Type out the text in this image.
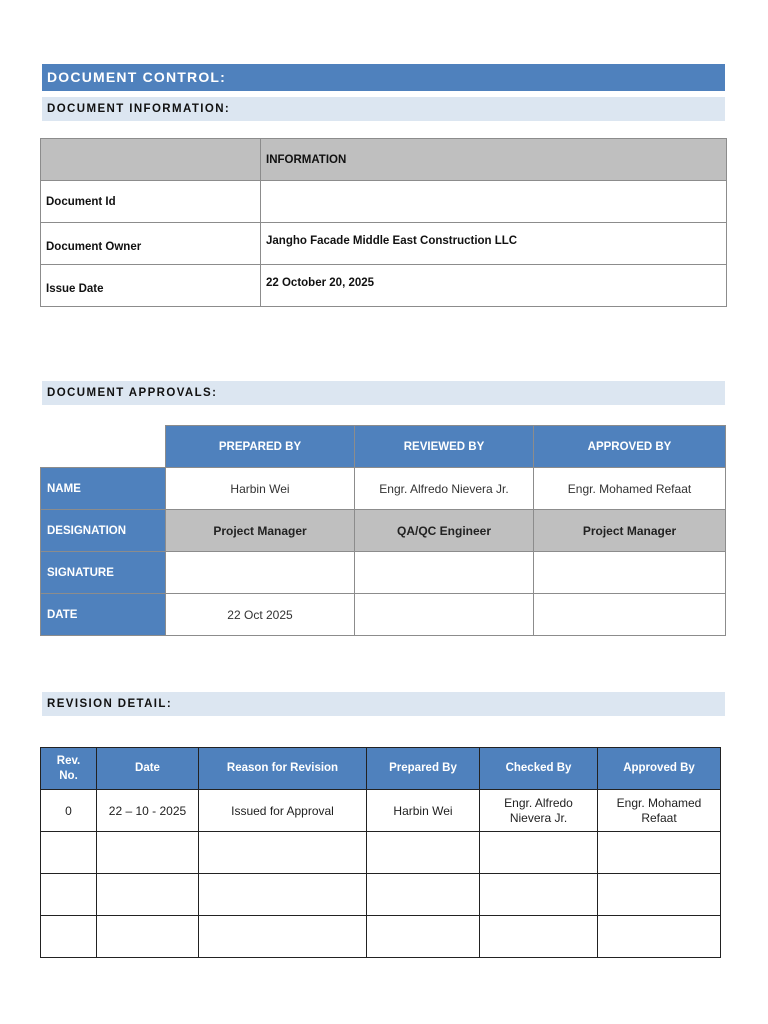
DOCUMENT CONTROL:
DOCUMENT INFORMATION:
	INFORMATION
Document Id	
Document Owner	Jangho Facade Middle East Construction LLC
Issue Date	22 October 20, 2025
DOCUMENT APPROVALS:
	PREPARED BY	REVIEWED BY	APPROVED BY
NAME	Harbin Wei	Engr. Alfredo Nievera Jr.	Engr. Mohamed Refaat
DESIGNATION	Project Manager	QA/QC Engineer	Project Manager
SIGNATURE			
DATE	22 Oct 2025		
REVISION DETAIL:
Rev. No.	Date	Reason for Revision	Prepared By	Checked By	Approved By
0	22 – 10 - 2025	Issued for Approval	Harbin Wei	Engr. Alfredo Nievera Jr.	Engr. Mohamed Refaat
